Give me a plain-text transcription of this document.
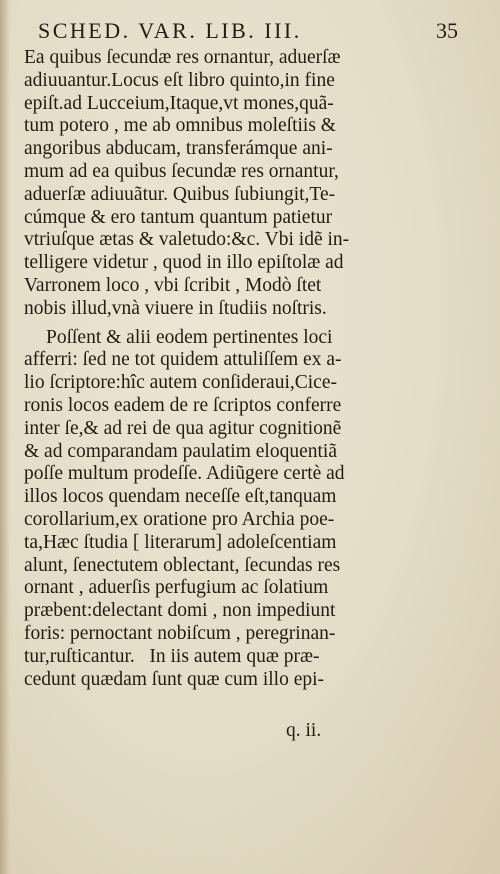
SCHED. VAR. LIB. III.	35
Ea quibus ſecundæ res ornantur, aduerſæ
adiuuantur.Locus eſt libro quinto,in fine
epiſt.ad Lucceium,Itaque,vt mones,quã-
tum potero , me ab omnibus moleſtiis &
angoribus abducam, transferámque ani-
mum ad ea quibus ſecundæ res ornantur,
aduerſæ adiuuãtur. Quibus ſubiungit,Te-
cúmque & ero tantum quantum patietur
vtriuſque ætas & valetudo:&c. Vbi idẽ in-
telligere videtur , quod in illo epiſtolæ ad
Varronem loco , vbi ſcribit , Modò ſtet
nobis illud,vnà viuere in ſtudiis noſtris.
Poſſent & alii eodem pertinentes loci
afferri: ſed ne tot quidem attuliſſem ex a-
lio ſcriptore:hîc autem conſideraui,Cice-
ronis locos eadem de re ſcriptos conferre
inter ſe,& ad rei de qua agitur cognitionẽ
& ad comparandam paulatim eloquentiã
poſſe multum prodeſſe. Adiũgere certè ad
illos locos quendam neceſſe eſt,tanquam
corollarium,ex oratione pro Archia poe-
ta,Hæc ſtudia [ literarum] adoleſcentiam
alunt, ſenectutem oblectant, ſecundas res
ornant , aduerſis perfugium ac ſolatium
præbent:delectant domi , non impediunt
foris: pernoctant nobiſcum , peregrinan-
tur,ruſticantur.   In iis autem quæ præ-
cedunt quædam ſunt quæ cum illo epi-
q. ii.
